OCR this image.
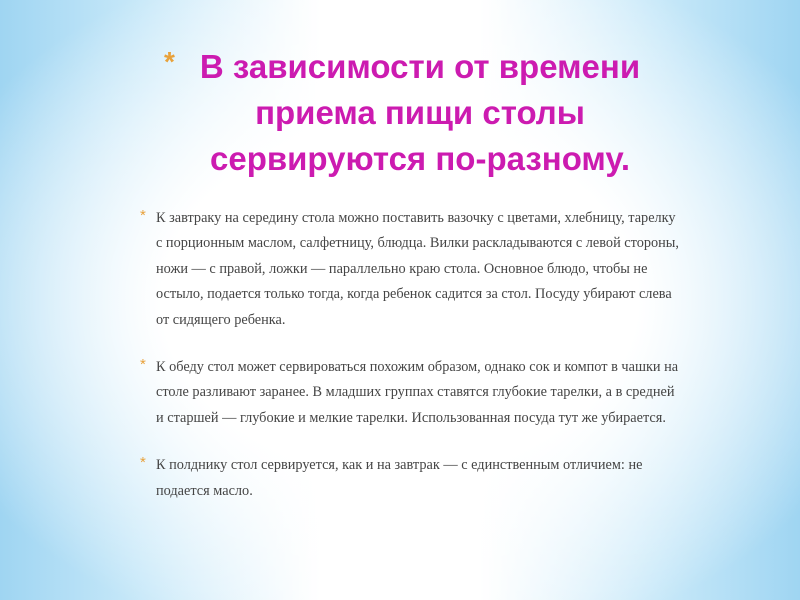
* В зависимости от времени приема пищи столы сервируются по-разному.
* К завтраку на середину стола можно поставить вазочку с цветами, хлебницу, тарелку с порционным маслом, салфетницу, блюдца. Вилки раскладываются с левой стороны, ножи — с правой, ложки — параллельно краю стола. Основное блюдо, чтобы не остыло, подается только тогда, когда ребенок садится за стол. Посуду убирают слева от сидящего ребенка.
* К обеду стол может сервироваться похожим образом, однако сок и компот в чашки на столе разливают заранее. В младших группах ставятся глубокие тарелки, а в средней и старшей — глубокие и мелкие тарелки. Использованная посуда тут же убирается.
* К полднику стол сервируется, как и на завтрак — с единственным отличием: не подается масло.
